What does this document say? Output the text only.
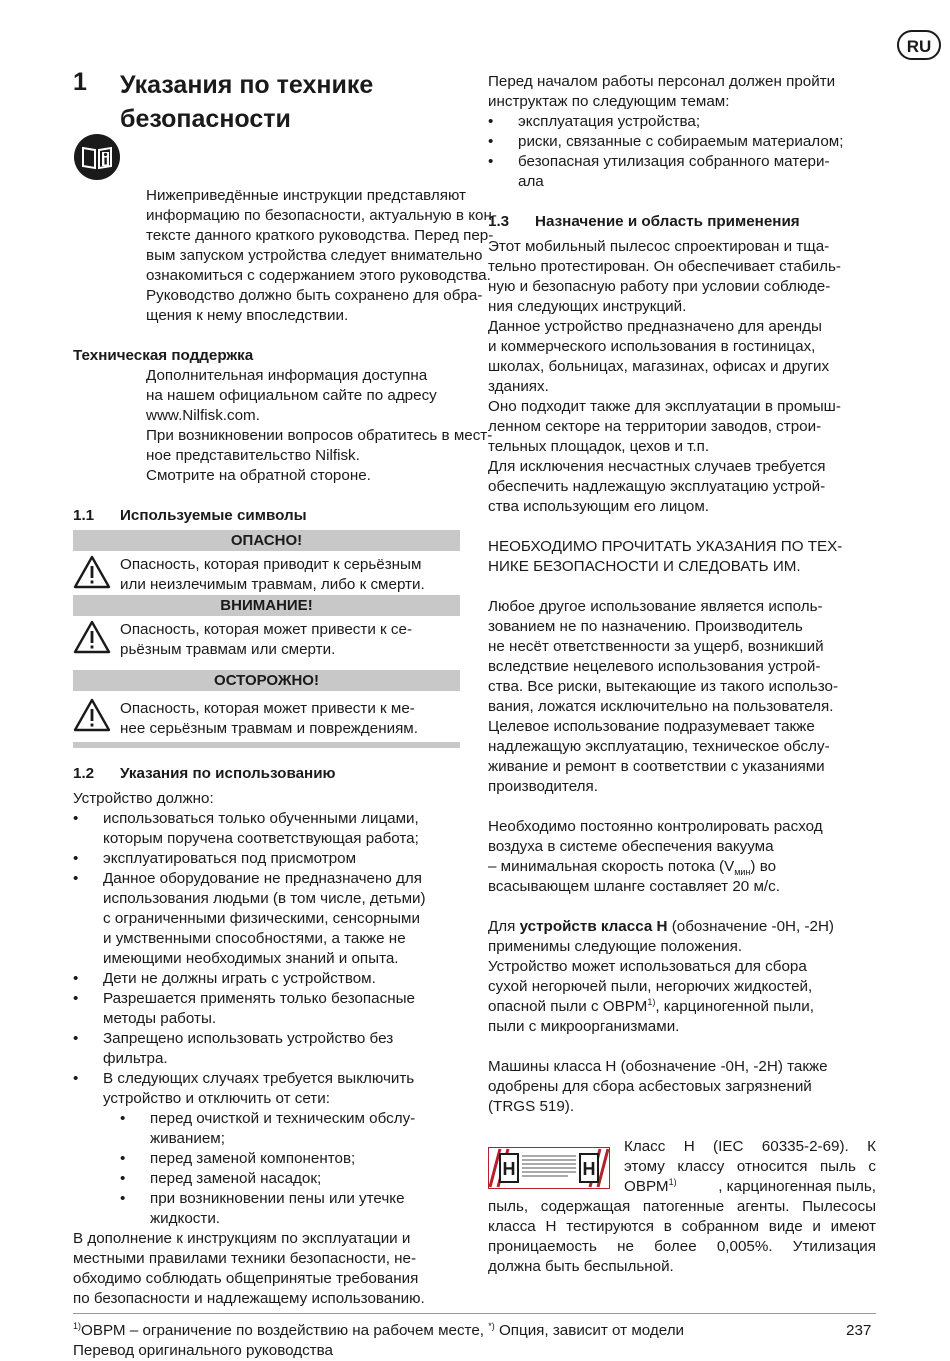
RU
1 Указания по технике
безопасности
Нижеприведённые инструкции представляют
информацию по безопасности, актуальную в кон-
тексте данного краткого руководства. Перед пер-
вым запуском устройства следует внимательно
ознакомиться с содержанием этого руководства.
Руководство должно быть сохранено для обра-
щения к нему впоследствии.
Техническая поддержка
Дополнительная информация доступна
на нашем официальном сайте по адресу
www.Nilfisk.com.
При возникновении вопросов обратитесь в мест-
ное представительство Nilfisk.
Смотрите на обратной стороне.
1.1 Используемые символы
ОПАСНО!
Опасность, которая приводит к серьёзным
или неизлечимым травмам, либо к смерти.
ВНИМАНИЕ!
Опасность, которая может привести к се-
рьёзным травмам или смерти.
ОСТОРОЖНО!
Опасность, которая может привести к ме-
нее серьёзным травмам и повреждениям.
1.2 Указания по использованию
Устройство должно:
• использоваться только обученными лицами,
которым поручена соответствующая работа;
• эксплуатироваться под присмотром
• Данное оборудование не предназначено для
использования людьми (в том числе, детьми)
с ограниченными физическими, сенсорными
и умственными способностями, а также не
имеющими необходимых знаний и опыта.
• Дети не должны играть с устройством.
• Разрешается применять только безопасные
методы работы.
• Запрещено использовать устройство без
фильтра.
• В следующих случаях требуется выключить
устройство и отключить от сети:
• перед очисткой и техническим обслу-
живанием;
• перед заменой компонентов;
• перед заменой насадок;
• при возникновении пены или утечке
жидкости.
В дополнение к инструкциям по эксплуатации и
местными правилами техники безопасности, не-
обходимо соблюдать общепринятые требования
по безопасности и надлежащему использованию.
Перед началом работы персонал должен пройти
инструктаж по следующим темам:
• эксплуатация устройства;
• риски, связанные с собираемым материалом;
• безопасная утилизация собранного матери-
ала
1.3 Назначение и область применения
Этот мобильный пылесос спроектирован и тща-
тельно протестирован. Он обеспечивает стабиль-
ную и безопасную работу при условии соблюде-
ния следующих инструкций.
Данное устройство предназначено для аренды
и коммерческого использования в гостиницах,
школах, больницах, магазинах, офисах и других
зданиях.
Оно подходит также для эксплуатации в промыш-
ленном секторе на территории заводов, строи-
тельных площадок, цехов и т.п.
Для исключения несчастных случаев требуется
обеспечить надлежащую эксплуатацию устрой-
ства использующим его лицом.
НЕОБХОДИМО ПРОЧИТАТЬ УКАЗАНИЯ ПО ТЕХ-
НИКЕ БЕЗОПАСНОСТИ И СЛЕДОВАТЬ ИМ.
Любое другое использование является исполь-
зованием не по назначению. Производитель
не несёт ответственности за ущерб, возникший
вследствие нецелевого использования устрой-
ства. Все риски, вытекающие из такого использо-
вания, ложатся исключительно на пользователя.
Целевое использование подразумевает также
надлежащую эксплуатацию, техническое обслу-
живание и ремонт в соответствии с указаниями
производителя.
Необходимо постоянно контролировать расход
воздуха в системе обеспечения вакуума
– минимальная скорость потока $(V_{мин})$ во
всасывающем шланге составляет 20 м/с.
Для устройств класса H (обозначение -0H, -2H)
применимы следующие положения.
Устройство может использоваться для сбора
сухой негорючей пыли, негорючих жидкостей,
опасной пыли с ОВРМ$^{1)}$, карциногенной пыли,
пыли с микроорганизмами.
Машины класса H (обозначение -0H, -2H) также
одобрены для сбора асбестовых загрязнений
(TRGS 519).
H	H
Класс H (IEC 60335-2-69). К
этому классу относится пыль с
ОВРМ$^{1)}$	, карциногенная пыль,
пыль, содержащая патогенные агенты. Пылесосы
класса H тестируются в собранном виде и имеют
проницаемость не более 0,005%. Утилизация
должна быть беспыльной.
$^{1)}$ОВРМ – ограничение по воздействию на рабочем месте, *) Опция, зависит от модели
Перевод оригинального руководства
237
